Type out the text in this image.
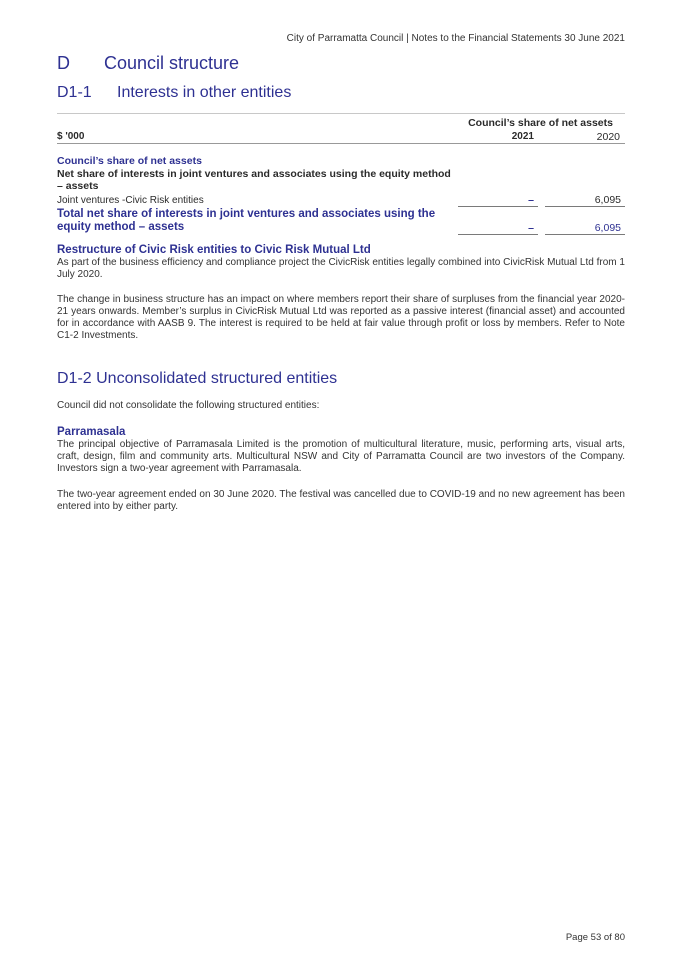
City of Parramatta Council | Notes to the Financial Statements 30 June 2021
D Council structure
D1-1 Interests in other entities
Council’s share of net assets
$ '000	2021	2020
Council’s share of net assets
Net share of interests in joint ventures and associates using the equity method
– assets
Joint ventures -Civic Risk entities	–	6,095
Total net share of interests in joint ventures and associates using the
equity method – assets	–	6,095
Restructure of Civic Risk entities to Civic Risk Mutual Ltd
As part of the business efficiency and compliance project the CivicRisk entities legally combined into CivicRisk Mutual Ltd from 1 July 2020.
The change in business structure has an impact on where members report their share of surpluses from the financial year 2020-21 years onwards. Member’s surplus in CivicRisk Mutual Ltd was reported as a passive interest (financial asset) and accounted for in accordance with AASB 9. The interest is required to be held at fair value through profit or loss by members. Refer to Note C1-2 Investments.
D1-2 Unconsolidated structured entities
Council did not consolidate the following structured entities:
Parramasala
The principal objective of Parramasala Limited is the promotion of multicultural literature, music, performing arts, visual arts, craft, design, film and community arts. Multicultural NSW and City of Parramatta Council are two investors of the Company. Investors sign a two-year agreement with Parramasala.
The two-year agreement ended on 30 June 2020. The festival was cancelled due to COVID-19 and no new agreement has been entered into by either party.
Page 53 of 80
